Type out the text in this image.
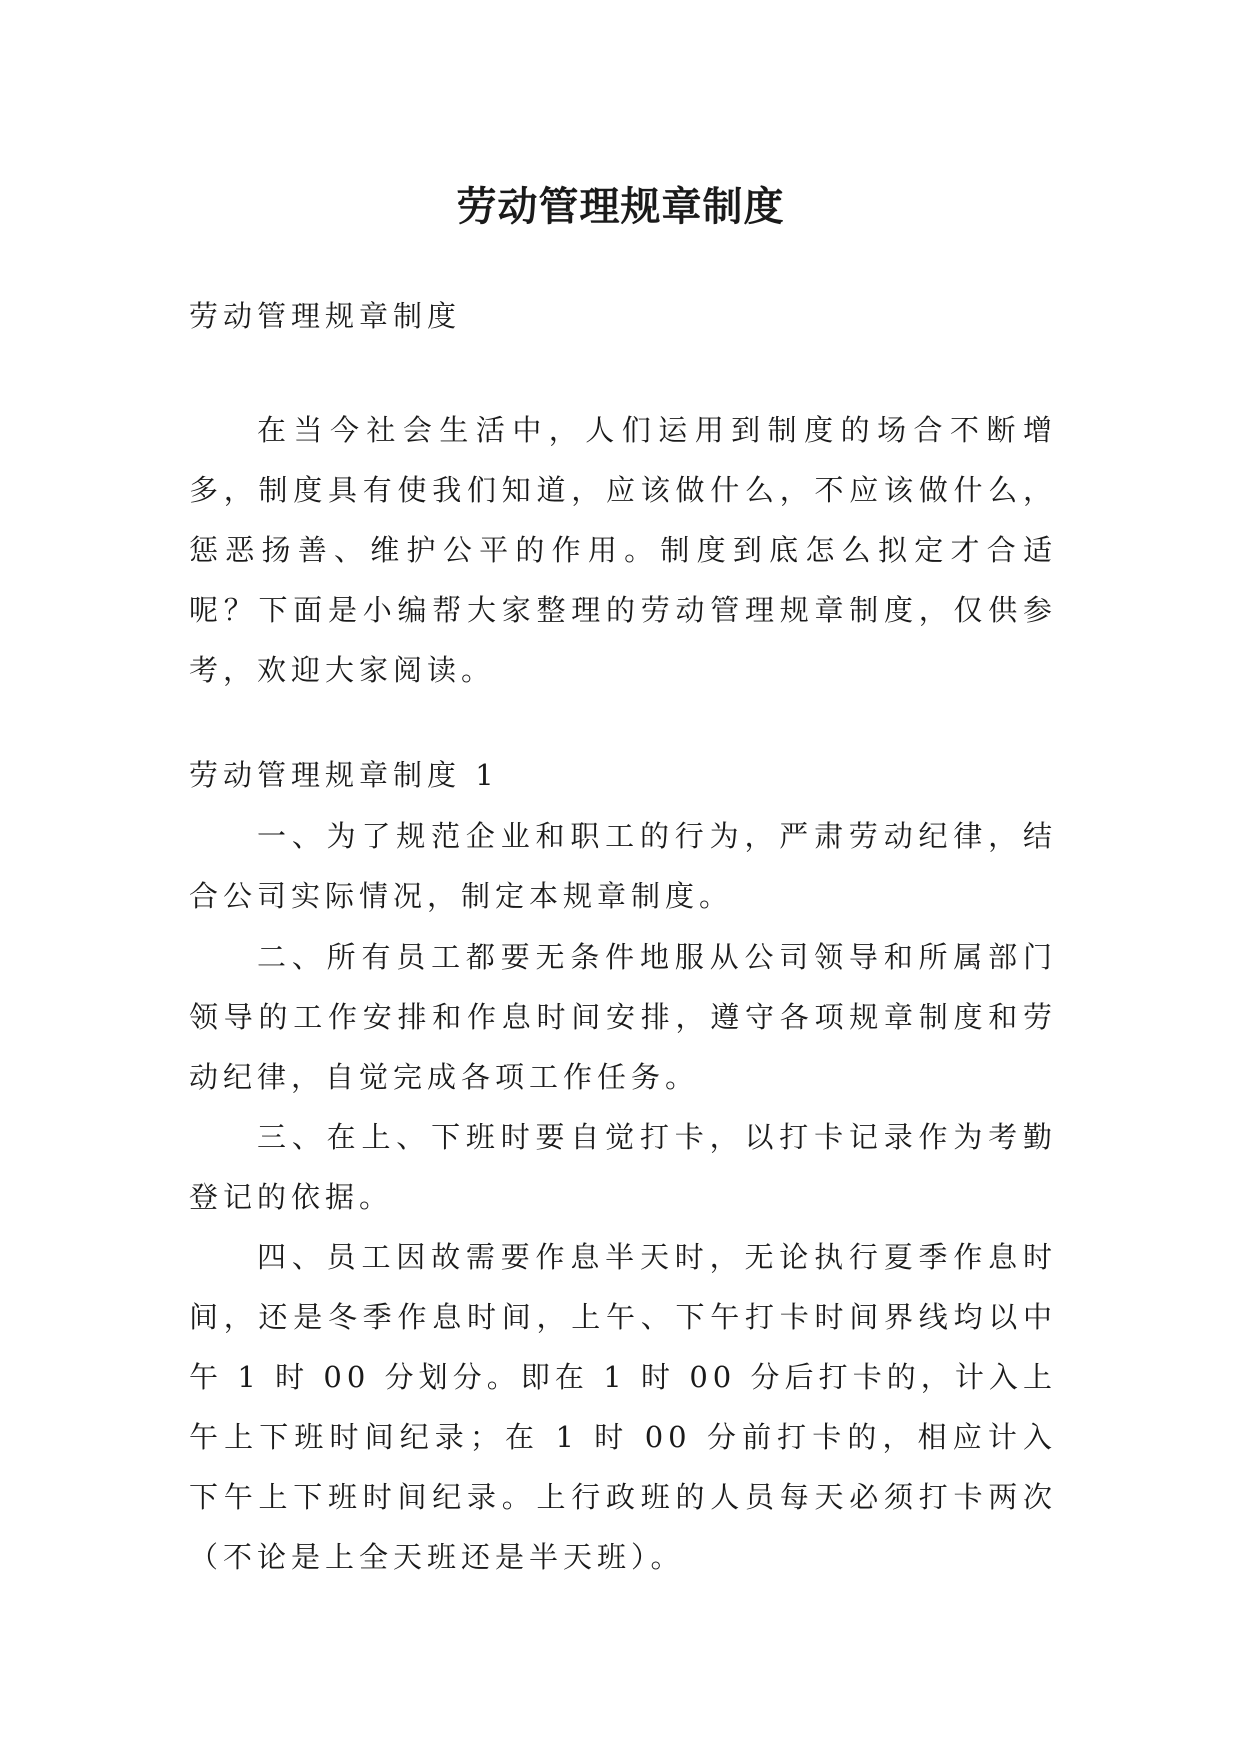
劳动管理规章制度

劳动管理规章制度

在当今社会生活中，人们运用到制度的场合不断增多，制度具有使我们知道，应该做什么，不应该做什么，惩恶扬善、维护公平的作用。制度到底怎么拟定才合适呢？下面是小编帮大家整理的劳动管理规章制度，仅供参考，欢迎大家阅读。

劳动管理规章制度 1

一、为了规范企业和职工的行为，严肃劳动纪律，结合公司实际情况，制定本规章制度。

二、所有员工都要无条件地服从公司领导和所属部门领导的工作安排和作息时间安排，遵守各项规章制度和劳动纪律，自觉完成各项工作任务。

三、在上、下班时要自觉打卡，以打卡记录作为考勤登记的依据。

四、员工因故需要作息半天时，无论执行夏季作息时间，还是冬季作息时间，上午、下午打卡时间界线均以中午 1 时 00 分划分。即在 1 时 00 分后打卡的，计入上午上下班时间纪录；在 1 时 00 分前打卡的，相应计入下午上下班时间纪录。上行政班的人员每天必须打卡两次（不论是上全天班还是半天班）。
